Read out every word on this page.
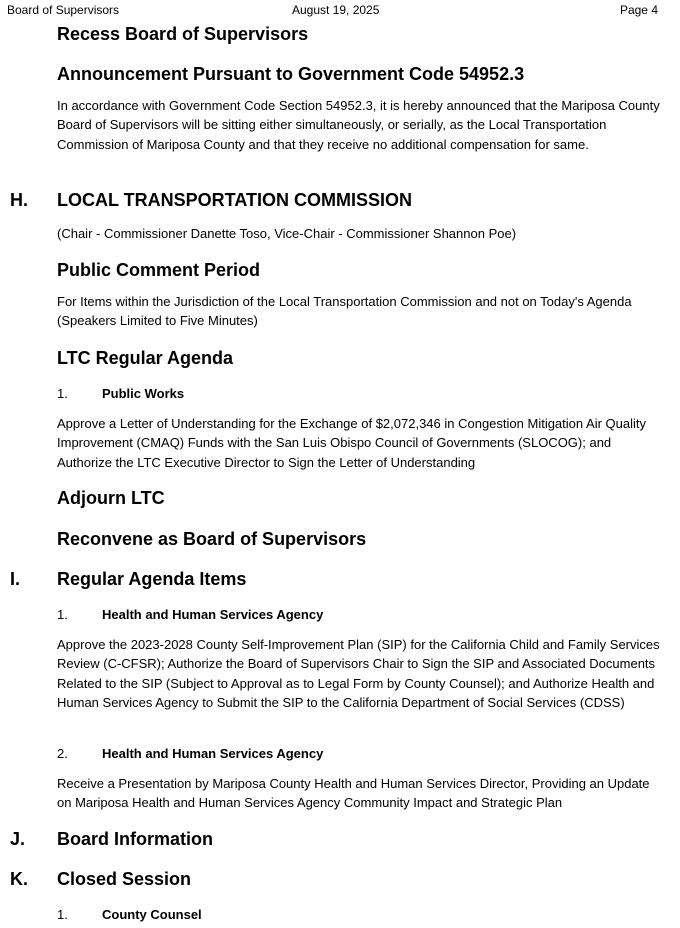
Board of Supervisors	August 19, 2025	Page 4
Recess Board of Supervisors
Announcement Pursuant to Government Code 54952.3
In accordance with Government Code Section 54952.3, it is hereby announced that the Mariposa County Board of Supervisors will be sitting either simultaneously, or serially, as the Local Transportation Commission of Mariposa County and that they receive no additional compensation for same.
H. LOCAL TRANSPORTATION COMMISSION
(Chair - Commissioner Danette Toso, Vice-Chair - Commissioner Shannon Poe)
Public Comment Period
For Items within the Jurisdiction of the Local Transportation Commission and not on Today's Agenda (Speakers Limited to Five Minutes)
LTC Regular Agenda
1.	Public Works
Approve a Letter of Understanding for the Exchange of $2,072,346 in Congestion Mitigation Air Quality Improvement (CMAQ) Funds with the San Luis Obispo Council of Governments (SLOCOG); and Authorize the LTC Executive Director to Sign the Letter of Understanding
Adjourn LTC
Reconvene as Board of Supervisors
I. Regular Agenda Items
1.	Health and Human Services Agency
Approve the 2023-2028 County Self-Improvement Plan (SIP) for the California Child and Family Services Review (C-CFSR); Authorize the Board of Supervisors Chair to Sign the SIP and Associated Documents Related to the SIP (Subject to Approval as to Legal Form by County Counsel); and Authorize Health and Human Services Agency to Submit the SIP to the California Department of Social Services (CDSS)
2.	Health and Human Services Agency
Receive a Presentation by Mariposa County Health and Human Services Director, Providing an Update on Mariposa Health and Human Services Agency Community Impact and Strategic Plan
J. Board Information
K. Closed Session
1.	County Counsel
